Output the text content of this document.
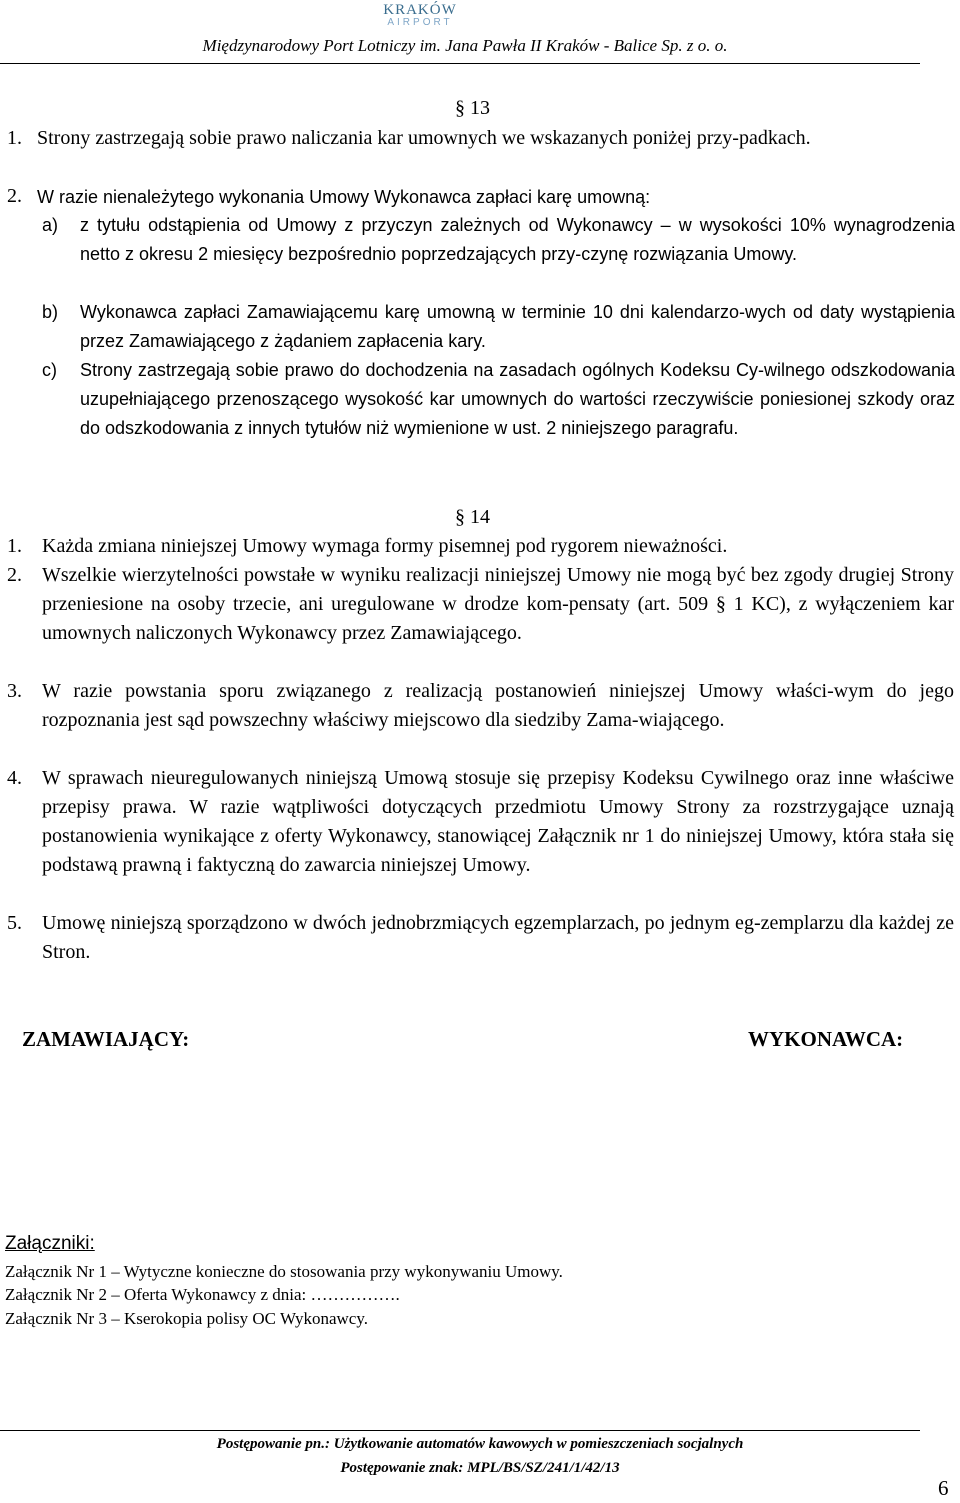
KRAKÓW
AIRPORT
Międzynarodowy Port Lotniczy im. Jana Pawła II Kraków - Balice Sp. z o. o.
§ 13
1. Strony zastrzegają sobie prawo naliczania kar umownych we wskazanych poniżej przy-padkach.
2. W razie nienależytego wykonania Umowy Wykonawca zapłaci karę umowną:
a) z tytułu odstąpienia od Umowy z przyczyn zależnych od Wykonawcy – w wysokości 10% wynagrodzenia netto z okresu 2 miesięcy bezpośrednio poprzedzających przy-czynę rozwiązania Umowy.
b) Wykonawca zapłaci Zamawiającemu karę umowną w terminie 10 dni kalendarzo-wych od daty wystąpienia przez Zamawiającego z żądaniem zapłacenia kary.
c) Strony zastrzegają sobie prawo do dochodzenia na zasadach ogólnych Kodeksu Cy-wilnego odszkodowania uzupełniającego przenoszącego wysokość kar umownych do wartości rzeczywiście poniesionej szkody oraz do odszkodowania z innych tytułów niż wymienione w ust. 2 niniejszego paragrafu.
§ 14
1. Każda zmiana niniejszej Umowy wymaga formy pisemnej pod rygorem nieważności.
2. Wszelkie wierzytelności powstałe w wyniku realizacji niniejszej Umowy nie mogą być bez zgody drugiej Strony przeniesione na osoby trzecie, ani uregulowane w drodze kom-pensaty (art. 509 § 1 KC), z wyłączeniem kar umownych naliczonych Wykonawcy przez Zamawiającego.
3. W razie powstania sporu związanego z realizacją postanowień niniejszej Umowy właści-wym do jego rozpoznania jest sąd powszechny właściwy miejscowo dla siedziby Zama-wiającego.
4. W sprawach nieuregulowanych niniejszą Umową stosuje się przepisy Kodeksu Cywilnego oraz inne właściwe przepisy prawa. W razie wątpliwości dotyczących przedmiotu Umowy Strony za rozstrzygające uznają postanowienia wynikające z oferty Wykonawcy, stanowiącej Załącznik nr 1 do niniejszej Umowy, która stała się podstawą prawną i faktyczną do zawarcia niniejszej Umowy.
5. Umowę niniejszą sporządzono w dwóch jednobrzmiących egzemplarzach, po jednym eg-zemplarzu dla każdej ze Stron.
ZAMAWIAJĄCY:	WYKONAWCA:
Załączniki:
Załącznik Nr 1 – Wytyczne konieczne do stosowania przy wykonywaniu Umowy.
Załącznik Nr 2 – Oferta Wykonawcy z dnia: …………….
Załącznik Nr 3 – Kserokopia polisy OC Wykonawcy.
Postępowanie pn.: Użytkowanie automatów kawowych w pomieszczeniach socjalnych
Postępowanie znak: MPL/BS/SZ/241/1/42/13
6
